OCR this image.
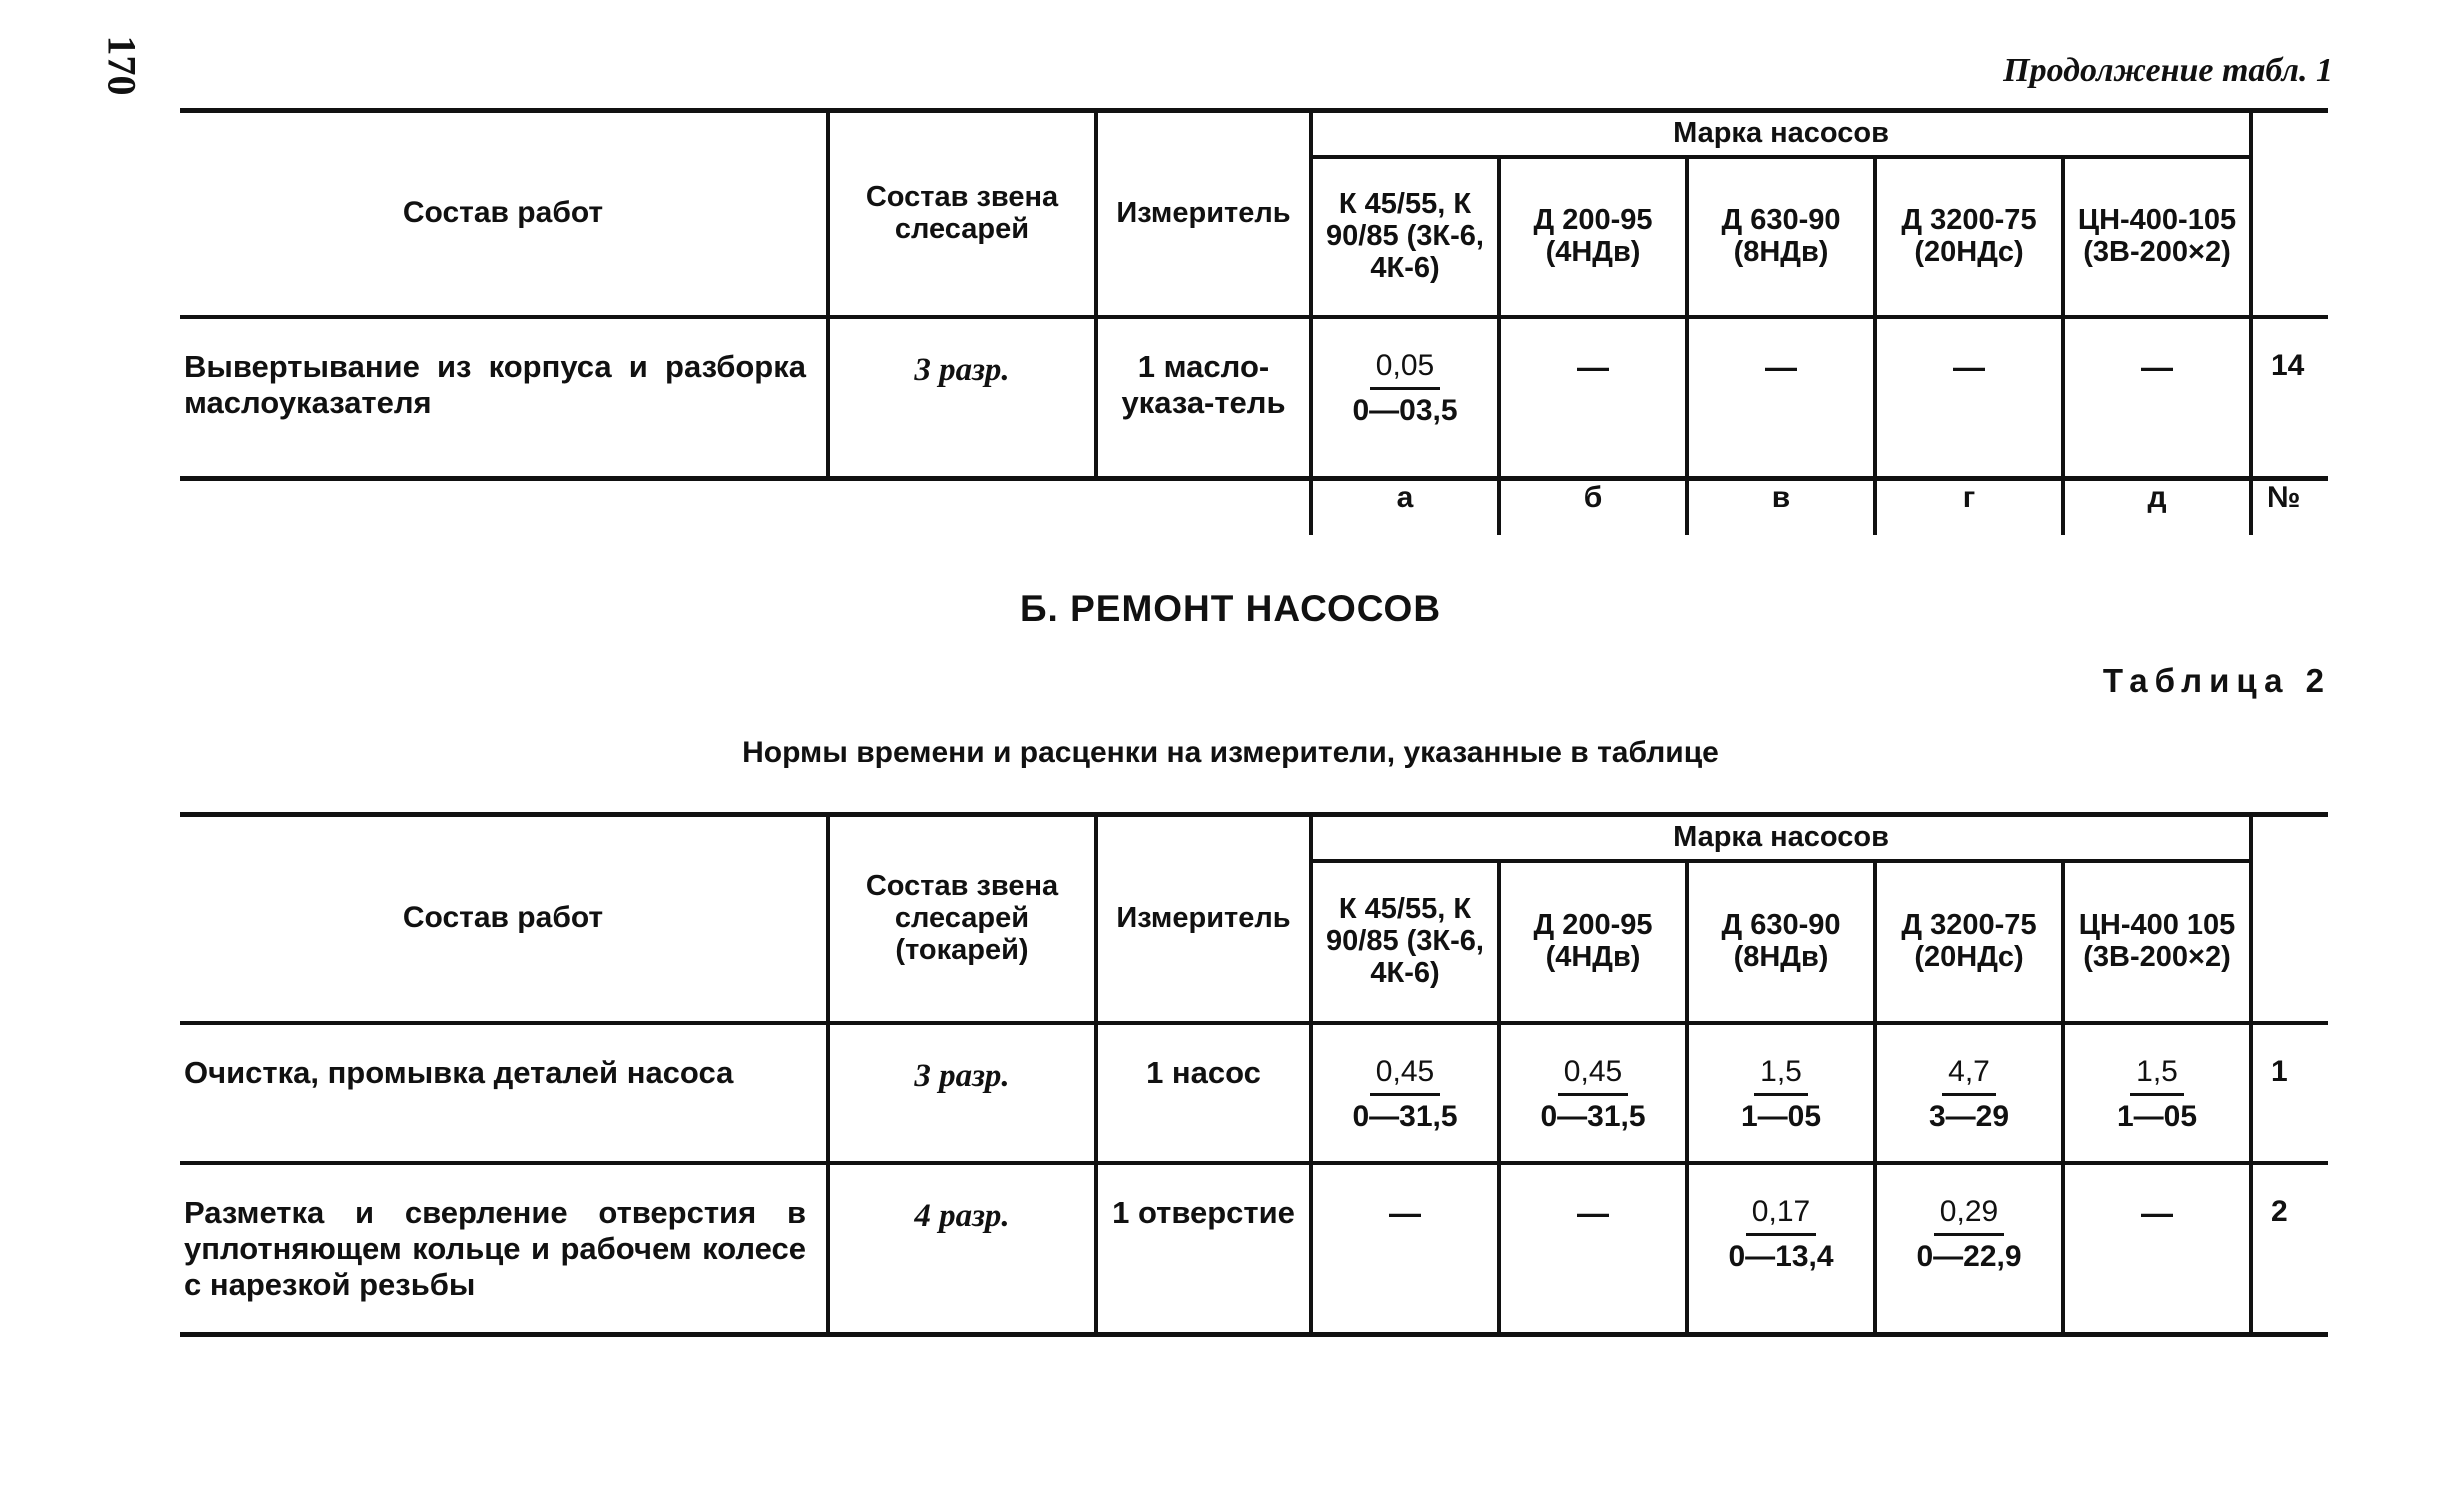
170	Продолжение табл. 1
Состав работ	Состав звена слесарей	Измеритель	Марка насосов					
			К 45/55, К 90/85 (3К-6, 4К-6)	Д 200-95 (4НДв)	Д 630-90 (8НДв)	Д 3200-75 (20НДс)	ЦН-400-105 (3В-200×2)	
Вывертывание из корпуса и разборка маслоуказателя	3 разр.	1 масло-указа-тель	$\frac{0,05}{0—03,5}$	—	—	—	—	14
			а	б	в	г	д	№
Б. РЕМОНТ НАСОСОВ
Таблица 2
Нормы времени и расценки на измерители, указанные в таблице
Состав работ	Состав звена слесарей (токарей)	Измеритель	Марка насосов					
			К 45/55, К 90/85 (3К-6, 4К-6)	Д 200-95 (4НДв)	Д 630-90 (8НДв)	Д 3200-75 (20НДс)	ЦН-400 105 (3В-200×2)	
Очистка, промывка деталей насоса	3 разр.	1 насос	$\frac{0,45}{0—31,5}$	$\frac{0,45}{0—31,5}$	$\frac{1,5}{1—05}$	$\frac{4,7}{3—29}$	$\frac{1,5}{1—05}$	1
Разметка и сверление отверстия в уплотняющем кольце и рабочем колесе с нарезкой резьбы	4 разр.	1 отверстие	—	—	$\frac{0,17}{0—13,4}$	$\frac{0,29}{0—22,9}$	—	2
